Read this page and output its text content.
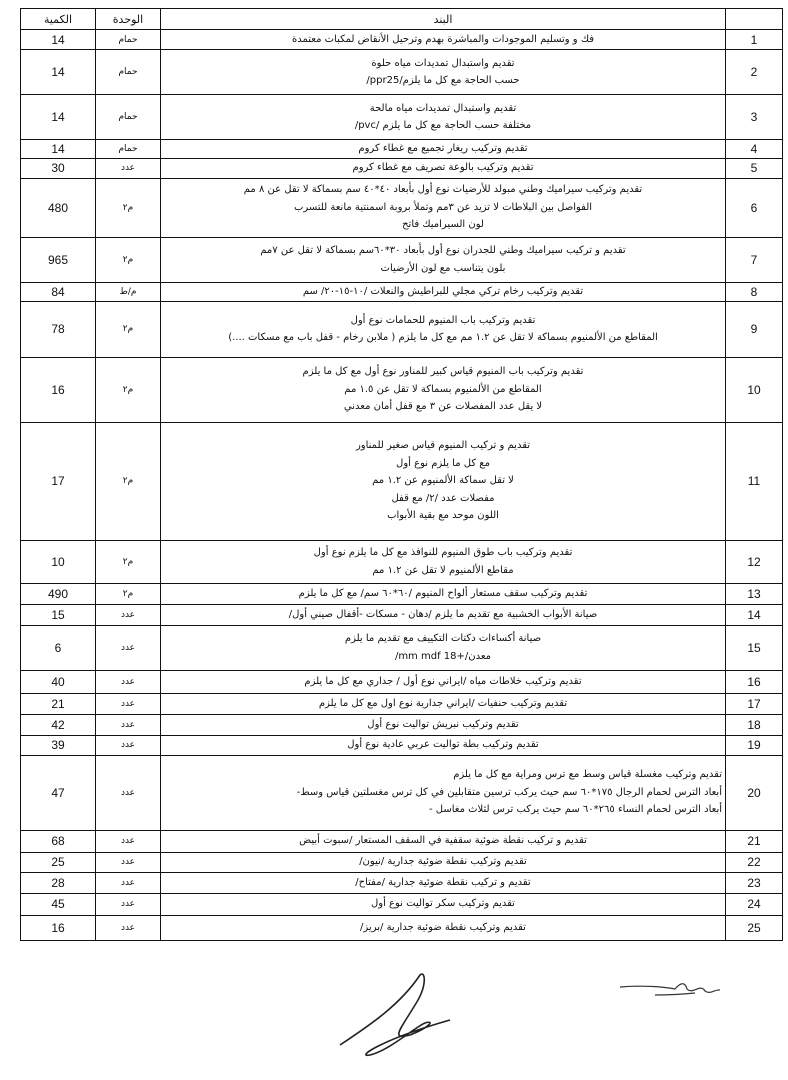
الكمية	الوحدة	البند	
14	حمام	فك و وتسليم الموجودات والمباشرة بهدم وترحيل الأنقاض لمكبات معتمدة	1
14	حمام	تقديم واستبدال تمديدات مياه حلوة
حسب الحاجة مع كل ما يلزم/ppr25/	2
14	حمام	تقديم واستبدال تمديدات مياه مالحة
مختلفة حسب الحاجة مع كل ما يلزم /pvc/	3
14	حمام	تقديم وتركيب ريغار تجميع مع غطاء كروم	4
30	عدد	تقديم وتركيب بالوعة تصريف مع غطاء كروم	5
480	م٢	تقديم وتركيب سيراميك وطني مبولد للأرضيات نوع أول بأبعاد ٤٠*٤٠ سم بسماكة لا تقل عن ٨ مم
الفواصل بين البلاطات لا تزيد عن ٣مم وتملأ بروبة اسمنتية مانعة للتسرب
لون السيراميك فاتح	6
965	م٢	تقديم و تركيب سيراميك وطني للجدران نوع أول بأبعاد ٣٠*٦٠سم بسماكة لا تقل عن ٧مم
بلون يتناسب مع لون الأرضيات	7
84	م/ط	تقديم وتركيب رخام تركي مجلي للبراطيش والنعلات /١٠-١٥-٢٠/ سم	8
78	م٢	تقديم وتركيب باب المنيوم للحمامات نوع أول
المقاطع من الألمنيوم بسماكة لا تقل عن ١.٢ مم مع كل ما يلزم ( ملابن رخام - قفل باب مع مسكات ....)	9
16	م٢	تقديم وتركيب باب المنيوم قياس كبير للمناور نوع أول مع كل ما يلزم
المقاطع من الألمنيوم بسماكة لا تقل عن ١.٥ مم
لا يقل عدد المفصلات عن ٣ مع قفل أمان معدني	10
17	م٢	تقديم و تركيب المنيوم قياس صغير للمناور
مع كل ما يلزم نوع أول
لا تقل سماكة الألمنيوم عن ١.٢ مم
مفصلات عدد /٢/ مع قفل
اللون موحد مع بقية الأبواب	11
10	م٢	تقديم وتركيب باب طوق المنيوم للنوافذ مع كل ما يلزم نوع أول
مقاطع الألمنيوم لا تقل عن ١.٢ مم	12
490	م٢	تقديم وتركيب سقف مستعار ألواح المنيوم /٦٠*٦٠ سم/ مع كل ما يلزم	13
15	عدد	صيانة الأبواب الخشبية مع تقديم ما يلزم /دهان - مسكات -أقفال صيني أول/	14
6	عدد	صيانة أكساءات دكتات التكييف مع تقديم ما يلزم
معدن/+18 mm mdf/	15
40	عدد	تقديم وتركيب خلاطات مياه /ايراني نوع أول / جداري مع كل ما يلزم	16
21	عدد	تقديم وتركيب حنفيات /ايراني جدارية نوع اول مع كل ما يلزم	17
42	عدد	تقديم وتركيب نبريش تواليت نوع أول	18
39	عدد	تقديم وتركيب بطة تواليت عربي عادية نوع أول	19
47	عدد	تقديم وتركيب مغسلة قياس وسط مع ترس ومراية مع كل ما يلزم
أبعاد الترس لحمام الرجال ١٧٥*٦٠ سم حيث يركب ترسين متقابلين في كل ترس مغسلتين قياس وسط-
أبعاد الترس لحمام النساء ٢٦٥*٦٠ سم حيث يركب ترس لثلاث مغاسل -	20
68	عدد	تقديم و تركيب نقطة ضوئية سقفية في السقف المستعار /سبوت أبيض	21
25	عدد	تقديم وتركيب نقطة ضوئية جدارية /نيون/	22
28	عدد	تقديم و تركيب نقطة ضوئية جدارية /مفتاح/	23
45	عدد	تقديم وتركيب سكر تواليت نوع أول	24
16	عدد	تقديم وتركيب نقطة ضوئية جدارية /بريز/	25
